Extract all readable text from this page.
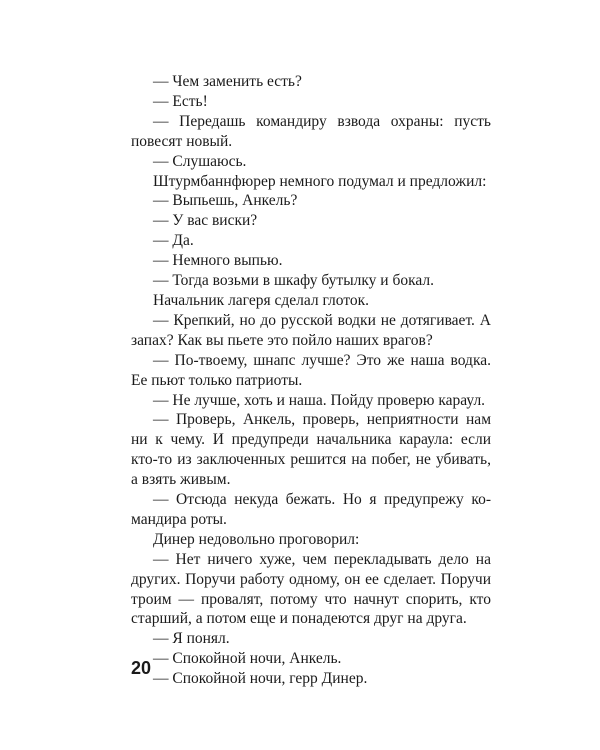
— Чем заменить есть?

— Есть!

— Передашь командиру взвода охраны: пусть повесят новый.

— Слушаюсь.

Штурмбаннфюрер немного подумал и предложил:

— Выпьешь, Анкель?

— У вас виски?

— Да.

— Немного выпью.

— Тогда возьми в шкафу бутылку и бокал.

Начальник лагеря сделал глоток.

— Крепкий, но до русской водки не дотягивает. А запах? Как вы пьете это пойло наших врагов?

— По-твоему, шнапс лучше? Это же наша водка. Ее пьют только патриоты.

— Не лучше, хоть и наша. Пойду проверю караул.

— Проверь, Анкель, проверь, неприятности нам ни к чему. И предупреди начальника караула: если кто-то из заключенных решится на побег, не убивать, а взять живым.

— Отсюда некуда бежать. Но я предупрежу командира роты.

Динер недовольно проговорил:

— Нет ничего хуже, чем перекладывать дело на других. Поручи работу одному, он ее сделает. Поручи троим — провалят, потому что начнут спорить, кто старший, а потом еще и понадеются друг на друга.

— Я понял.

— Спокойной ночи, Анкель.

— Спокойной ночи, герр Динер.

20
